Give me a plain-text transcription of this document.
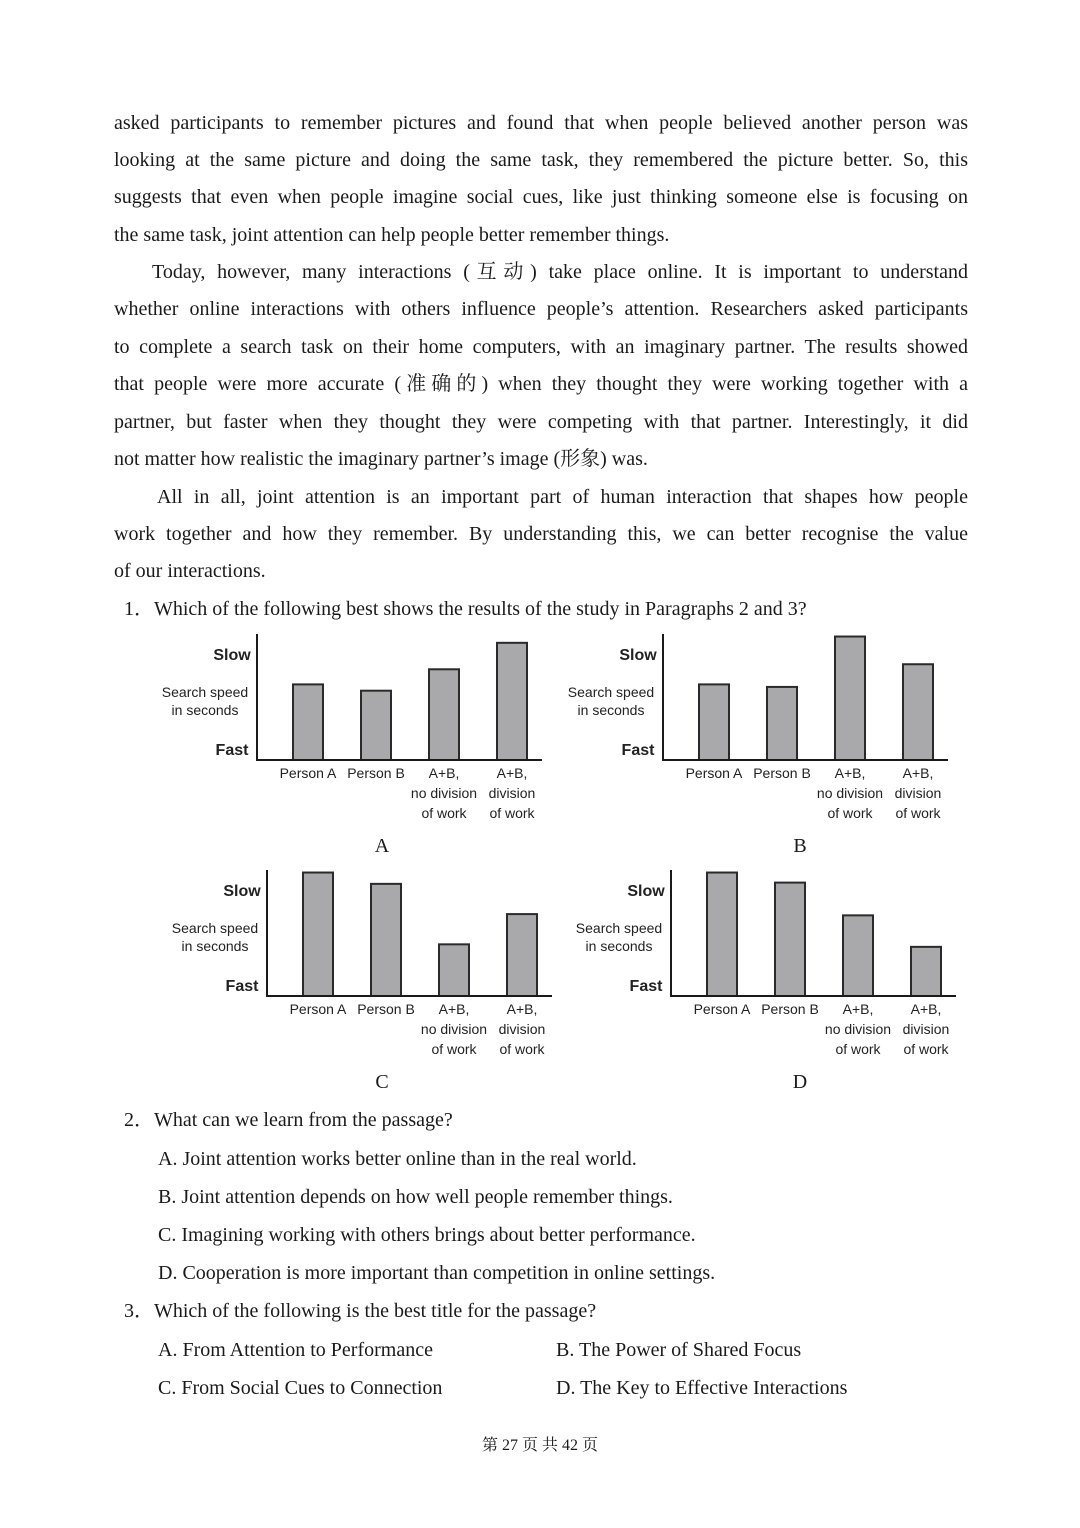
asked participants to remember pictures and found that when people believed another person was
looking at the same picture and doing the same task, they remembered the picture better. So, this
suggests that even when people imagine social cues, like just thinking someone else is focusing on
the same task, joint attention can help people better remember things.
Today, however, many interactions (互动) take place online. It is important to understand
whether online interactions with others influence people’s attention. Researchers asked participants
to complete a search task on their home computers, with an imaginary partner. The results showed
that people were more accurate (准确的) when they thought they were working together with a
partner, but faster when they thought they were competing with that partner. Interestingly, it did
not matter how realistic the imaginary partner’s image (形象) was.
All in all, joint attention is an important part of human interaction that shapes how people
work together and how they remember. By understanding this, we can better recognise the value
of our interactions.
1．Which of the following best shows the results of the study in Paragraphs 2 and 3?
Slow
Search speed
in seconds
Fast
Person A Person B A+B,
no division
of work
A+B,
division
of work
Slow
Search speed
in seconds
Fast
Person A Person B A+B,
no division
of work
A+B,
division
of work
Slow
Search speed
in seconds
Fast
Person A Person B A+B,
no division
of work
A+B,
division
of work
Slow
Search speed
in seconds
Fast
Person A Person B A+B,
no division
of work
A+B,
division
of work
A	B
C	D
2．What can we learn from the passage?
A. Joint attention works better online than in the real world.
B. Joint attention depends on how well people remember things.
C. Imagining working with others brings about better performance.
D. Cooperation is more important than competition in online settings.
3．Which of the following is the best title for the passage?
A. From Attention to Performance	B. The Power of Shared Focus
C. From Social Cues to Connection	D. The Key to Effective Interactions
第 27 页 共 42 页
